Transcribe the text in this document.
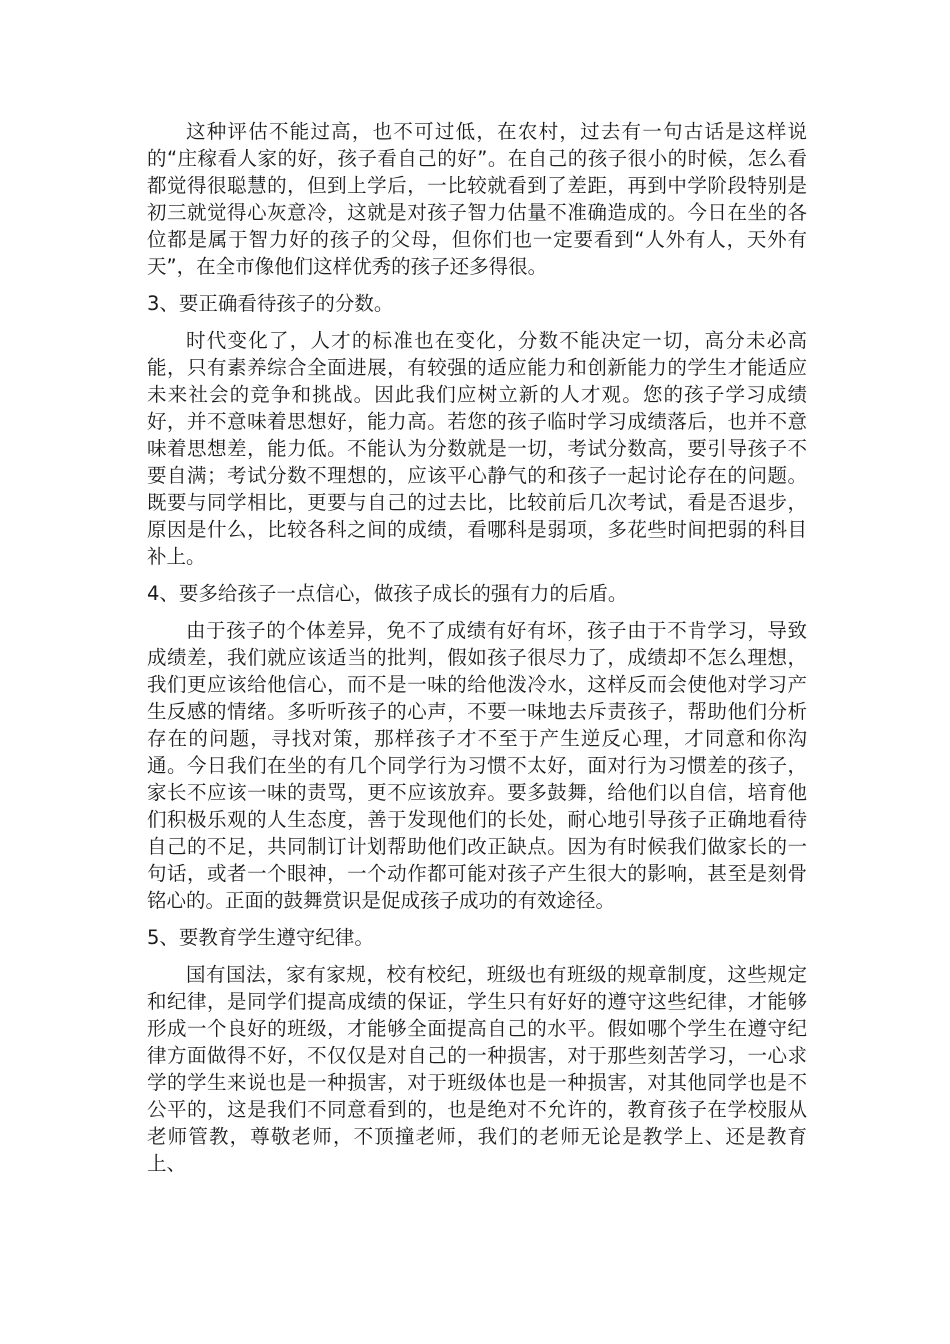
这种评估不能过高，也不可过低，在农村，过去有一句古话是这样说的“庄稼看人家的好，孩子看自己的好”。在自己的孩子很小的时候，怎么看都觉得很聪慧的，但到上学后，一比较就看到了差距，再到中学阶段特别是初三就觉得心灰意冷，这就是对孩子智力估量不准确造成的。今日在坐的各位都是属于智力好的孩子的父母，但你们也一定要看到“人外有人，天外有天”，在全市像他们这样优秀的孩子还多得很。

3、要正确看待孩子的分数。

时代变化了，人才的标准也在变化，分数不能决定一切，高分未必高能，只有素养综合全面进展，有较强的适应能力和创新能力的学生才能适应未来社会的竞争和挑战。因此我们应树立新的人才观。您的孩子学习成绩好，并不意味着思想好，能力高。若您的孩子临时学习成绩落后，也并不意味着思想差，能力低。不能认为分数就是一切，考试分数高，要引导孩子不要自满；考试分数不理想的，应该平心静气的和孩子一起讨论存在的问题。既要与同学相比，更要与自己的过去比，比较前后几次考试，看是否退步，原因是什么，比较各科之间的成绩，看哪科是弱项，多花些时间把弱的科目补上。

4、要多给孩子一点信心，做孩子成长的强有力的后盾。

由于孩子的个体差异，免不了成绩有好有坏，孩子由于不肯学习，导致成绩差，我们就应该适当的批判，假如孩子很尽力了，成绩却不怎么理想，我们更应该给他信心，而不是一味的给他泼冷水，这样反而会使他对学习产生反感的情绪。多听听孩子的心声，不要一味地去斥责孩子，帮助他们分析存在的问题，寻找对策，那样孩子才不至于产生逆反心理，才同意和你沟通。今日我们在坐的有几个同学行为习惯不太好，面对行为习惯差的孩子，家长不应该一味的责骂，更不应该放弃。要多鼓舞，给他们以自信，培育他们积极乐观的人生态度，善于发现他们的长处，耐心地引导孩子正确地看待自己的不足，共同制订计划帮助他们改正缺点。因为有时候我们做家长的一句话，或者一个眼神，一个动作都可能对孩子产生很大的影响，甚至是刻骨铭心的。正面的鼓舞赏识是促成孩子成功的有效途径。

5、要教育学生遵守纪律。

国有国法，家有家规，校有校纪，班级也有班级的规章制度，这些规定和纪律，是同学们提高成绩的保证，学生只有好好的遵守这些纪律，才能够形成一个良好的班级，才能够全面提高自己的水平。假如哪个学生在遵守纪律方面做得不好，不仅仅是对自己的一种损害，对于那些刻苦学习，一心求学的学生来说也是一种损害，对于班级体也是一种损害，对其他同学也是不公平的，这是我们不同意看到的，也是绝对不允许的，教育孩子在学校服从老师管教，尊敬老师，不顶撞老师，我们的老师无论是教学上、还是教育上、
